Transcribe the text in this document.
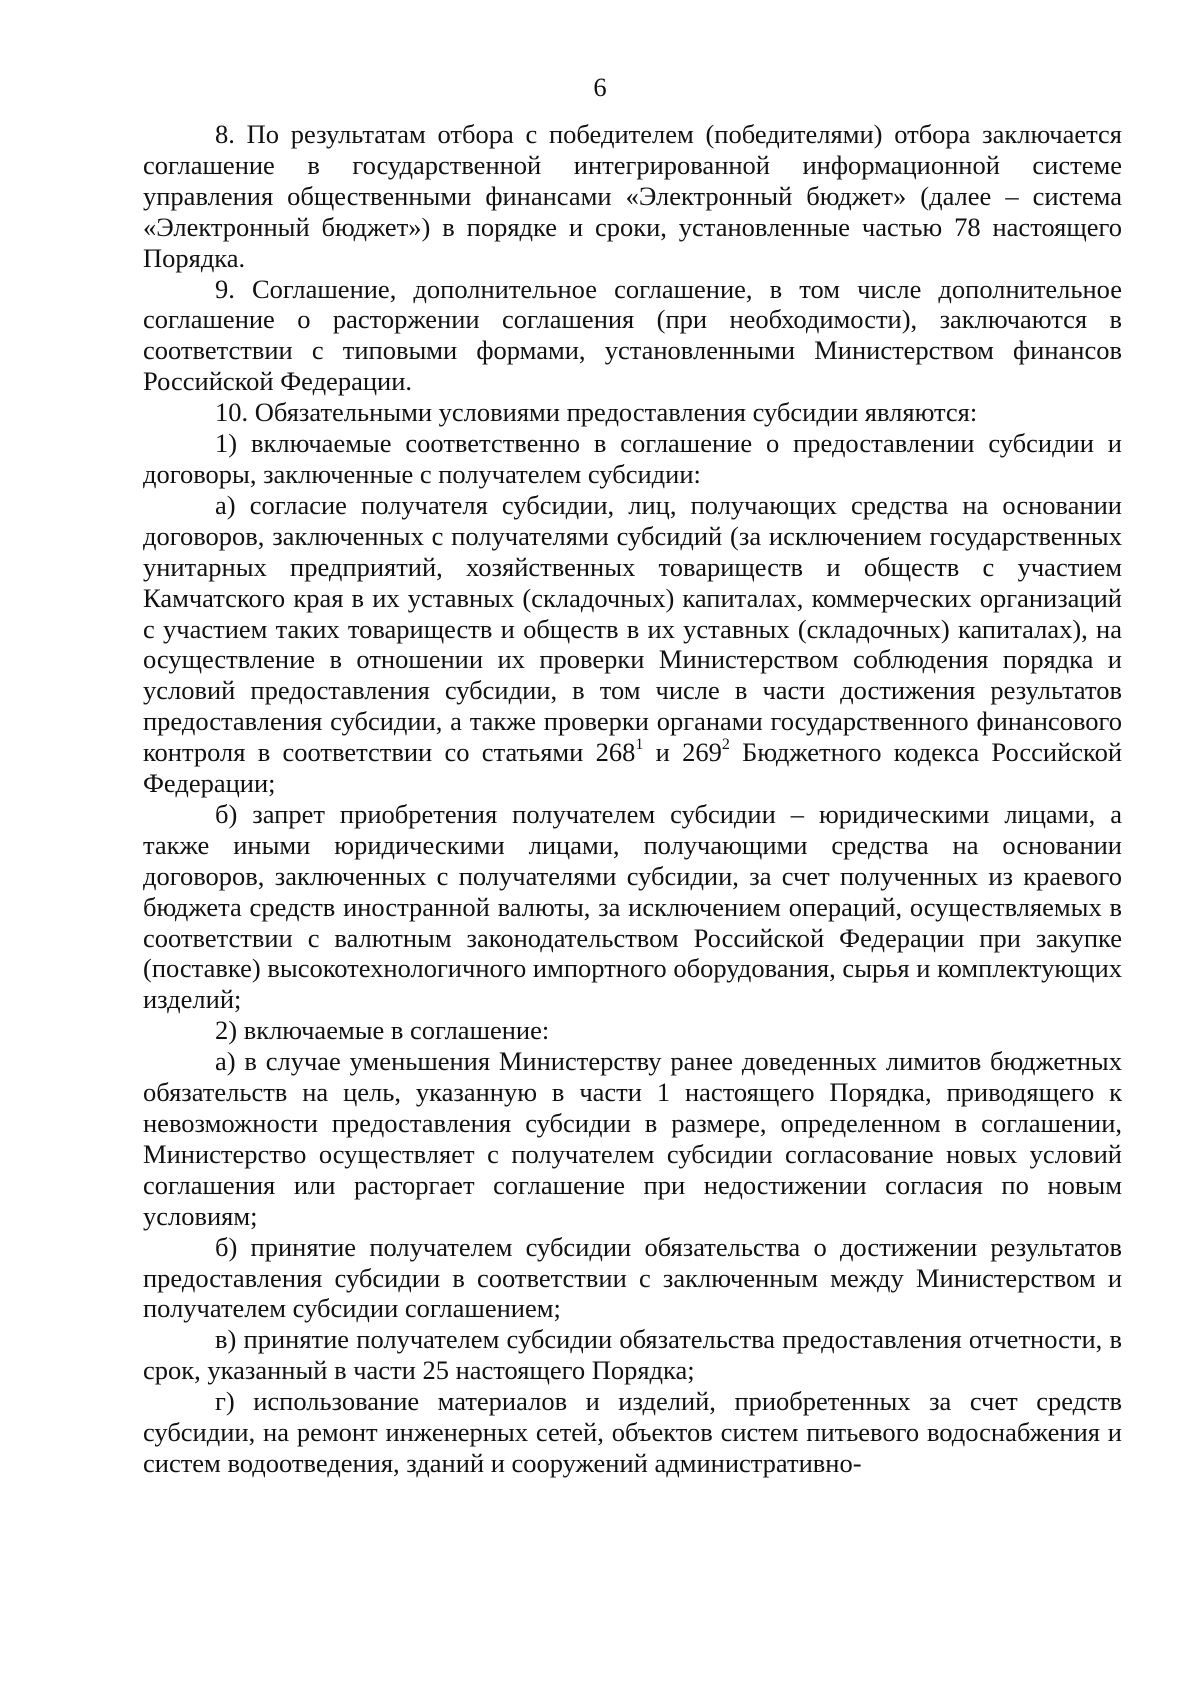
6

8. По результатам отбора с победителем (победителями) отбора заключается соглашение в государственной интегрированной информационной системе управления общественными финансами «Электронный бюджет» (далее – система «Электронный бюджет») в порядке и сроки, установленные частью 78 настоящего Порядка.

9. Соглашение, дополнительное соглашение, в том числе дополнительное соглашение о расторжении соглашения (при необходимости), заключаются в соответствии с типовыми формами, установленными Министерством финансов Российской Федерации.

10. Обязательными условиями предоставления субсидии являются:

1) включаемые соответственно в соглашение о предоставлении субсидии и договоры, заключенные с получателем субсидии:

а) согласие получателя субсидии, лиц, получающих средства на основании договоров, заключенных с получателями субсидий (за исключением государственных унитарных предприятий, хозяйственных товариществ и обществ с участием Камчатского края в их уставных (складочных) капиталах, коммерческих организаций с участием таких товариществ и обществ в их уставных (складочных) капиталах), на осуществление в отношении их проверки Министерством соблюдения порядка и условий предоставления субсидии, в том числе в части достижения результатов предоставления субсидии, а также проверки органами государственного финансового контроля в соответствии со статьями $268^1$ и $269^2$ Бюджетного кодекса Российской Федерации;

б) запрет приобретения получателем субсидии – юридическими лицами, а также иными юридическими лицами, получающими средства на основании договоров, заключенных с получателями субсидии, за счет полученных из краевого бюджета средств иностранной валюты, за исключением операций, осуществляемых в соответствии с валютным законодательством Российской Федерации при закупке (поставке) высокотехнологичного импортного оборудования, сырья и комплектующих изделий;

2) включаемые в соглашение:

а) в случае уменьшения Министерству ранее доведенных лимитов бюджетных обязательств на цель, указанную в части 1 настоящего Порядка, приводящего к невозможности предоставления субсидии в размере, определенном в соглашении, Министерство осуществляет с получателем субсидии согласование новых условий соглашения или расторгает соглашение при недостижении согласия по новым условиям;

б) принятие получателем субсидии обязательства о достижении результатов предоставления субсидии в соответствии с заключенным между Министерством и получателем субсидии соглашением;

в) принятие получателем субсидии обязательства предоставления отчетности, в срок, указанный в части 25 настоящего Порядка;

г) использование материалов и изделий, приобретенных за счет средств субсидии, на ремонт инженерных сетей, объектов систем питьевого водоснабжения и систем водоотведения, зданий и сооружений административно-
